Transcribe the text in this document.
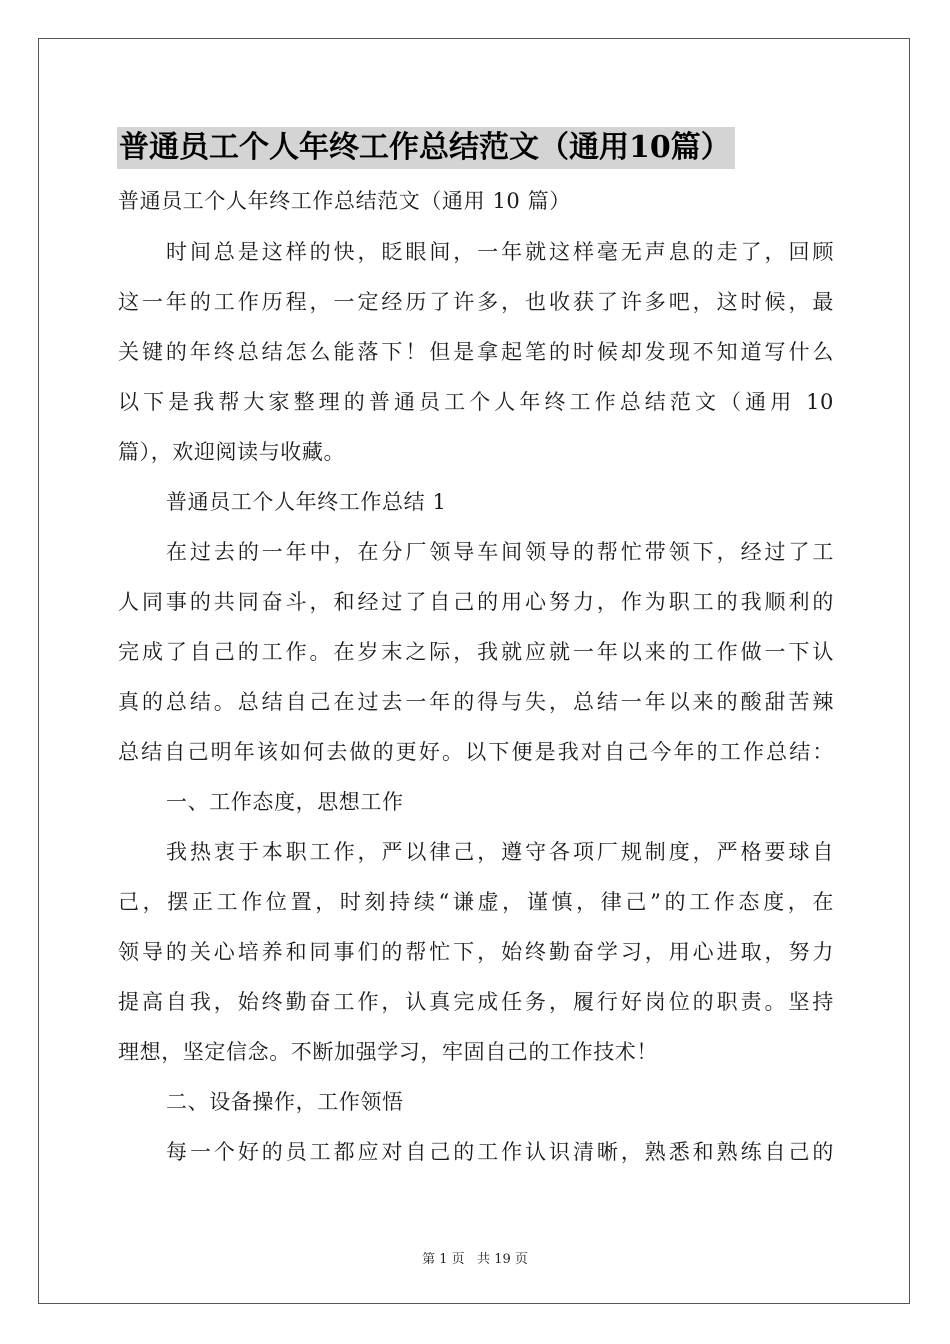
普通员工个人年终工作总结范文（通用10篇）
普通员工个人年终工作总结范文（通用 10 篇）
时间总是这样的快，眨眼间，一年就这样毫无声息的走了，回顾
这一年的工作历程，一定经历了许多，也收获了许多吧，这时候，最
关键的年终总结怎么能落下！但是拿起笔的时候却发现不知道写什么
以下是我帮大家整理的普通员工个人年终工作总结范文（通用 10
篇），欢迎阅读与收藏。
普通员工个人年终工作总结 1
在过去的一年中，在分厂领导车间领导的帮忙带领下，经过了工
人同事的共同奋斗，和经过了自己的用心努力，作为职工的我顺利的
完成了自己的工作。在岁末之际，我就应就一年以来的工作做一下认
真的总结。总结自己在过去一年的得与失，总结一年以来的酸甜苦辣
总结自己明年该如何去做的更好。以下便是我对自己今年的工作总结：
一、工作态度，思想工作
我热衷于本职工作，严以律己，遵守各项厂规制度，严格要球自
己，摆正工作位置，时刻持续“谦虚，谨慎，律己”的工作态度，在
领导的关心培养和同事们的帮忙下，始终勤奋学习，用心进取，努力
提高自我，始终勤奋工作，认真完成任务，履行好岗位的职责。坚持
理想，坚定信念。不断加强学习，牢固自己的工作技术！
二、设备操作，工作领悟
每一个好的员工都应对自己的工作认识清晰，熟悉和熟练自己的
第 1 页   共 19 页
